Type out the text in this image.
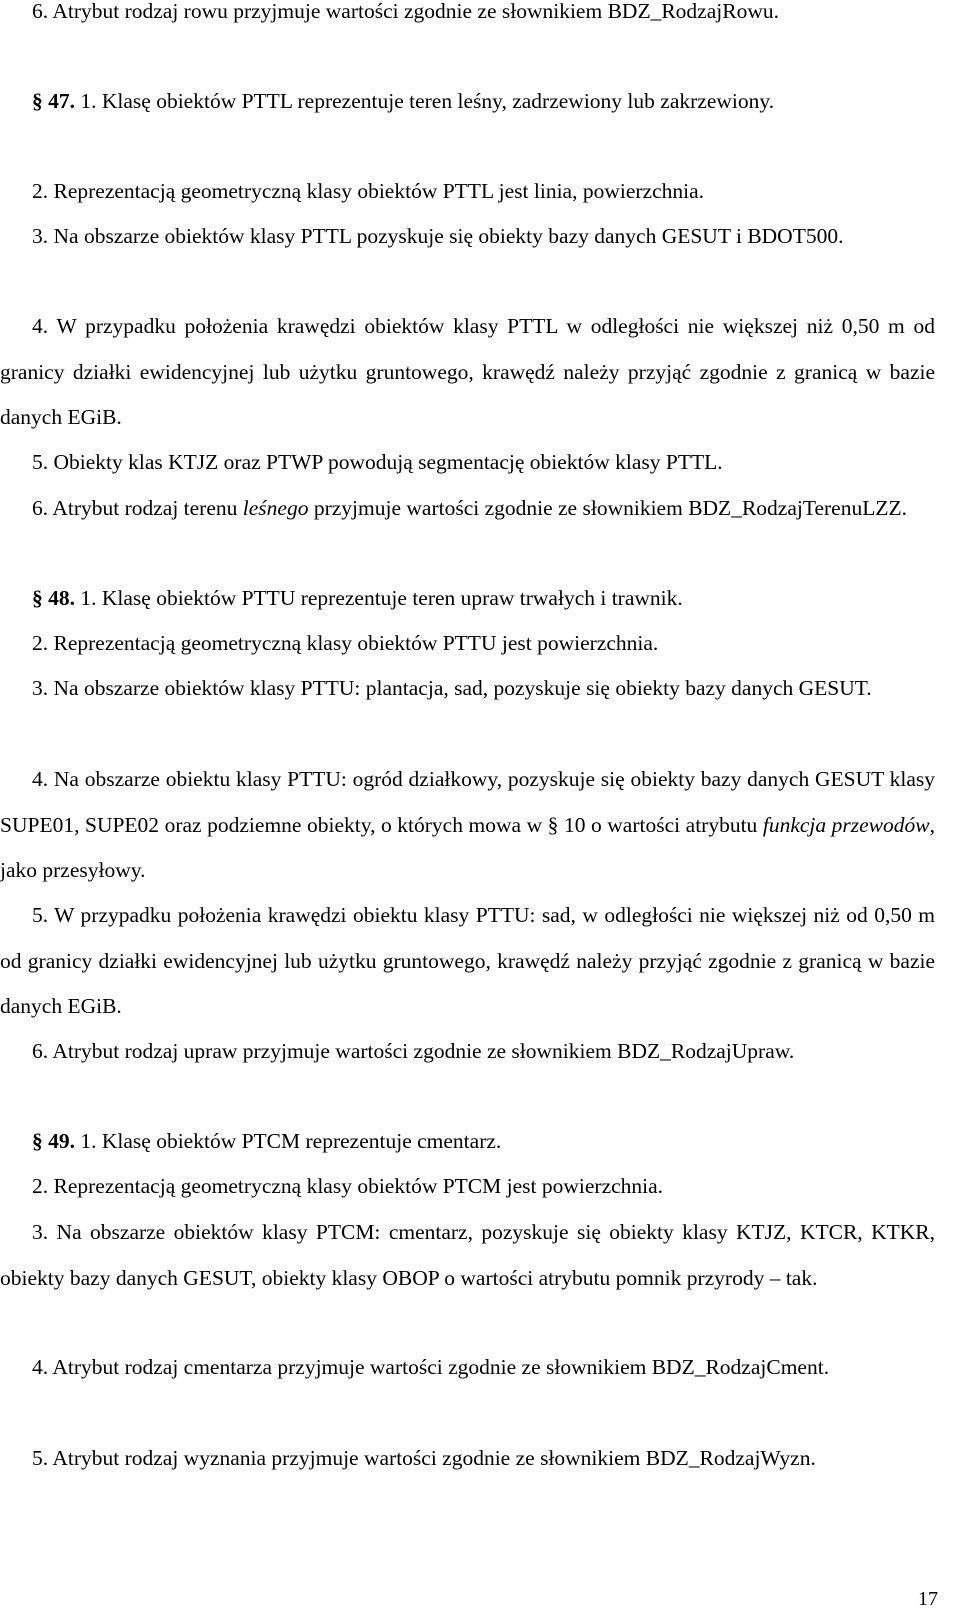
6. Atrybut rodzaj rowu przyjmuje wartości zgodnie ze słownikiem BDZ_RodzajRowu.

§ 47. 1. Klasę obiektów PTTL reprezentuje teren leśny, zadrzewiony lub zakrzewiony.

2. Reprezentacją geometryczną klasy obiektów PTTL jest linia, powierzchnia.

3. Na obszarze obiektów klasy PTTL pozyskuje się obiekty bazy danych GESUT i BDOT500.

4. W przypadku położenia krawędzi obiektów klasy PTTL w odległości nie większej niż 0,50 m od granicy działki ewidencyjnej lub użytku gruntowego, krawędź należy przyjąć zgodnie z granicą w bazie danych EGiB.

5. Obiekty klas KTJZ oraz PTWP powodują segmentację obiektów klasy PTTL.

6. Atrybut rodzaj terenu leśnego przyjmuje wartości zgodnie ze słownikiem BDZ_RodzajTerenuLZZ.

§ 48. 1. Klasę obiektów PTTU reprezentuje teren upraw trwałych i trawnik.

2. Reprezentacją geometryczną klasy obiektów PTTU jest powierzchnia.

3. Na obszarze obiektów klasy PTTU: plantacja, sad, pozyskuje się obiekty bazy danych GESUT.

4. Na obszarze obiektu klasy PTTU: ogród działkowy, pozyskuje się obiekty bazy danych GESUT klasy SUPE01, SUPE02 oraz podziemne obiekty, o których mowa w § 10 o wartości atrybutu funkcja przewodów, jako przesyłowy.

5. W przypadku położenia krawędzi obiektu klasy PTTU: sad, w odległości nie większej niż od 0,50 m od granicy działki ewidencyjnej lub użytku gruntowego, krawędź należy przyjąć zgodnie z granicą w bazie danych EGiB.

6. Atrybut rodzaj upraw przyjmuje wartości zgodnie ze słownikiem BDZ_RodzajUpraw.

§ 49. 1. Klasę obiektów PTCM reprezentuje cmentarz.

2. Reprezentacją geometryczną klasy obiektów PTCM jest powierzchnia.

3. Na obszarze obiektów klasy PTCM: cmentarz, pozyskuje się obiekty klasy KTJZ, KTCR, KTKR, obiekty bazy danych GESUT, obiekty klasy OBOP o wartości atrybutu pomnik przyrody – tak.

4. Atrybut rodzaj cmentarza przyjmuje wartości zgodnie ze słownikiem BDZ_RodzajCment.

5. Atrybut rodzaj wyznania przyjmuje wartości zgodnie ze słownikiem BDZ_RodzajWyzn.

17
